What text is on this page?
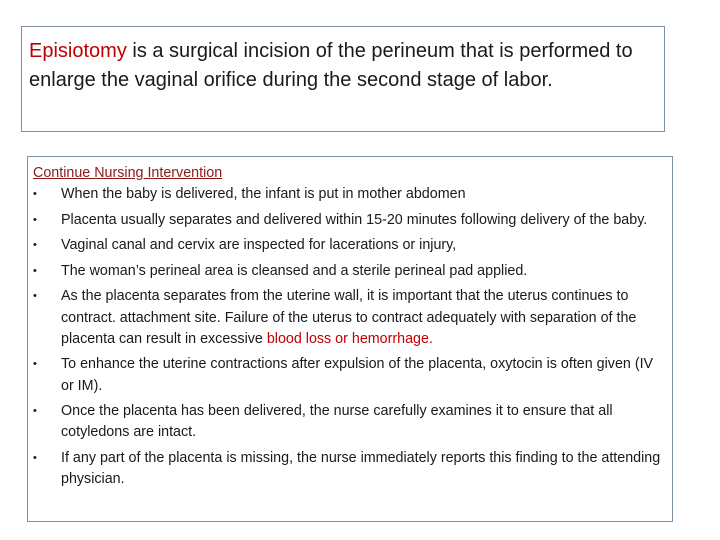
Episiotomy is a surgical incision of the perineum that is performed to enlarge the vaginal orifice during the second stage of labor.
Continue Nursing Intervention
• When the baby is delivered, the infant is put in mother abdomen
• Placenta usually separates and delivered within 15-20 minutes following delivery of the baby.
• Vaginal canal and cervix are inspected for lacerations or injury,
• The woman’s perineal area is cleansed and a sterile perineal pad applied.
• As the placenta separates from the uterine wall, it is important that the uterus continues to contract. attachment site. Failure of the uterus to contract adequately with separation of the placenta can result in excessive blood loss or hemorrhage.
• To enhance the uterine contractions after expulsion of the placenta, oxytocin is often given (IV or IM).
• Once the placenta has been delivered, the nurse carefully examines it to ensure that all cotyledons are intact.
• If any part of the placenta is missing, the nurse immediately reports this finding to the attending physician.
